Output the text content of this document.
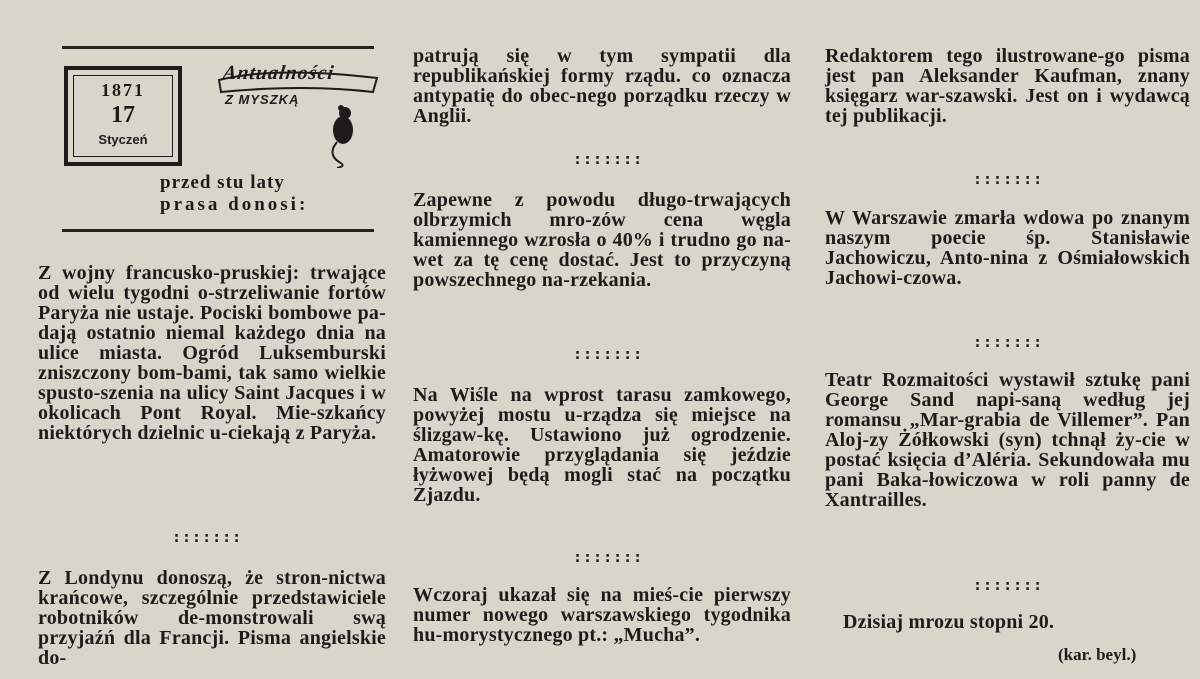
1871
17
Styczeń
Antualności
Z MYSZKĄ
przed stu laty
prasa donosi:

Z wojny francusko-pruskiej: trwające od wielu tygodni o-strzeliwanie fortów Paryża nie ustaje. Pociski bombowe pa-dają ostatnio niemal każdego dnia na ulice miasta. Ogród Luksemburski zniszczony bom-bami, tak samo wielkie spusto-szenia na ulicy Saint Jacques i w okolicach Pont Royal. Mie-szkańcy niektórych dzielnic u-ciekają z Paryża.

:::::::

Z Londynu donoszą, że stron-nictwa krańcowe, szczególnie przedstawiciele robotników de-monstrowali swą przyjaźń dla Francji. Pisma angielskie do-

patrują się w tym sympatii dla republikańskiej formy rządu. co oznacza antypatię do obec-nego porządku rzeczy w Anglii.

:::::::

Zapewne z powodu długo-trwających olbrzymich mro-zów cena węgla kamiennego wzrosła o 40% i trudno go na-wet za tę cenę dostać. Jest to przyczyną powszechnego na-rzekania.

:::::::

Na Wiśle na wprost tarasu zamkowego, powyżej mostu u-rządza się miejsce na ślizgaw-kę. Ustawiono już ogrodzenie. Amatorowie przyglądania się jeździe łyżwowej będą mogli stać na początku Zjazdu.

:::::::

Wczoraj ukazał się na mieś-cie pierwszy numer nowego warszawskiego tygodnika hu-morystycznego pt.: „Mucha”.

Redaktorem tego ilustrowane-go pisma jest pan Aleksander Kaufman, znany księgarz war-szawski. Jest on i wydawcą tej publikacji.

:::::::

W Warszawie zmarła wdowa po znanym naszym poecie śp. Stanisławie Jachowiczu, Anto-nina z Ośmiałowskich Jachowi-czowa.

:::::::

Teatr Rozmaitości wystawił sztukę pani George Sand napi-saną według jej romansu „Mar-grabia de Villemer”. Pan Aloj-zy Żółkowski (syn) tchnął ży-cie w postać księcia d’Aléria. Sekundowała mu pani Baka-łowiczowa w roli panny de Xantrailles.

:::::::

Dzisiaj mrozu stopni 20.

(kar. beyl.)
